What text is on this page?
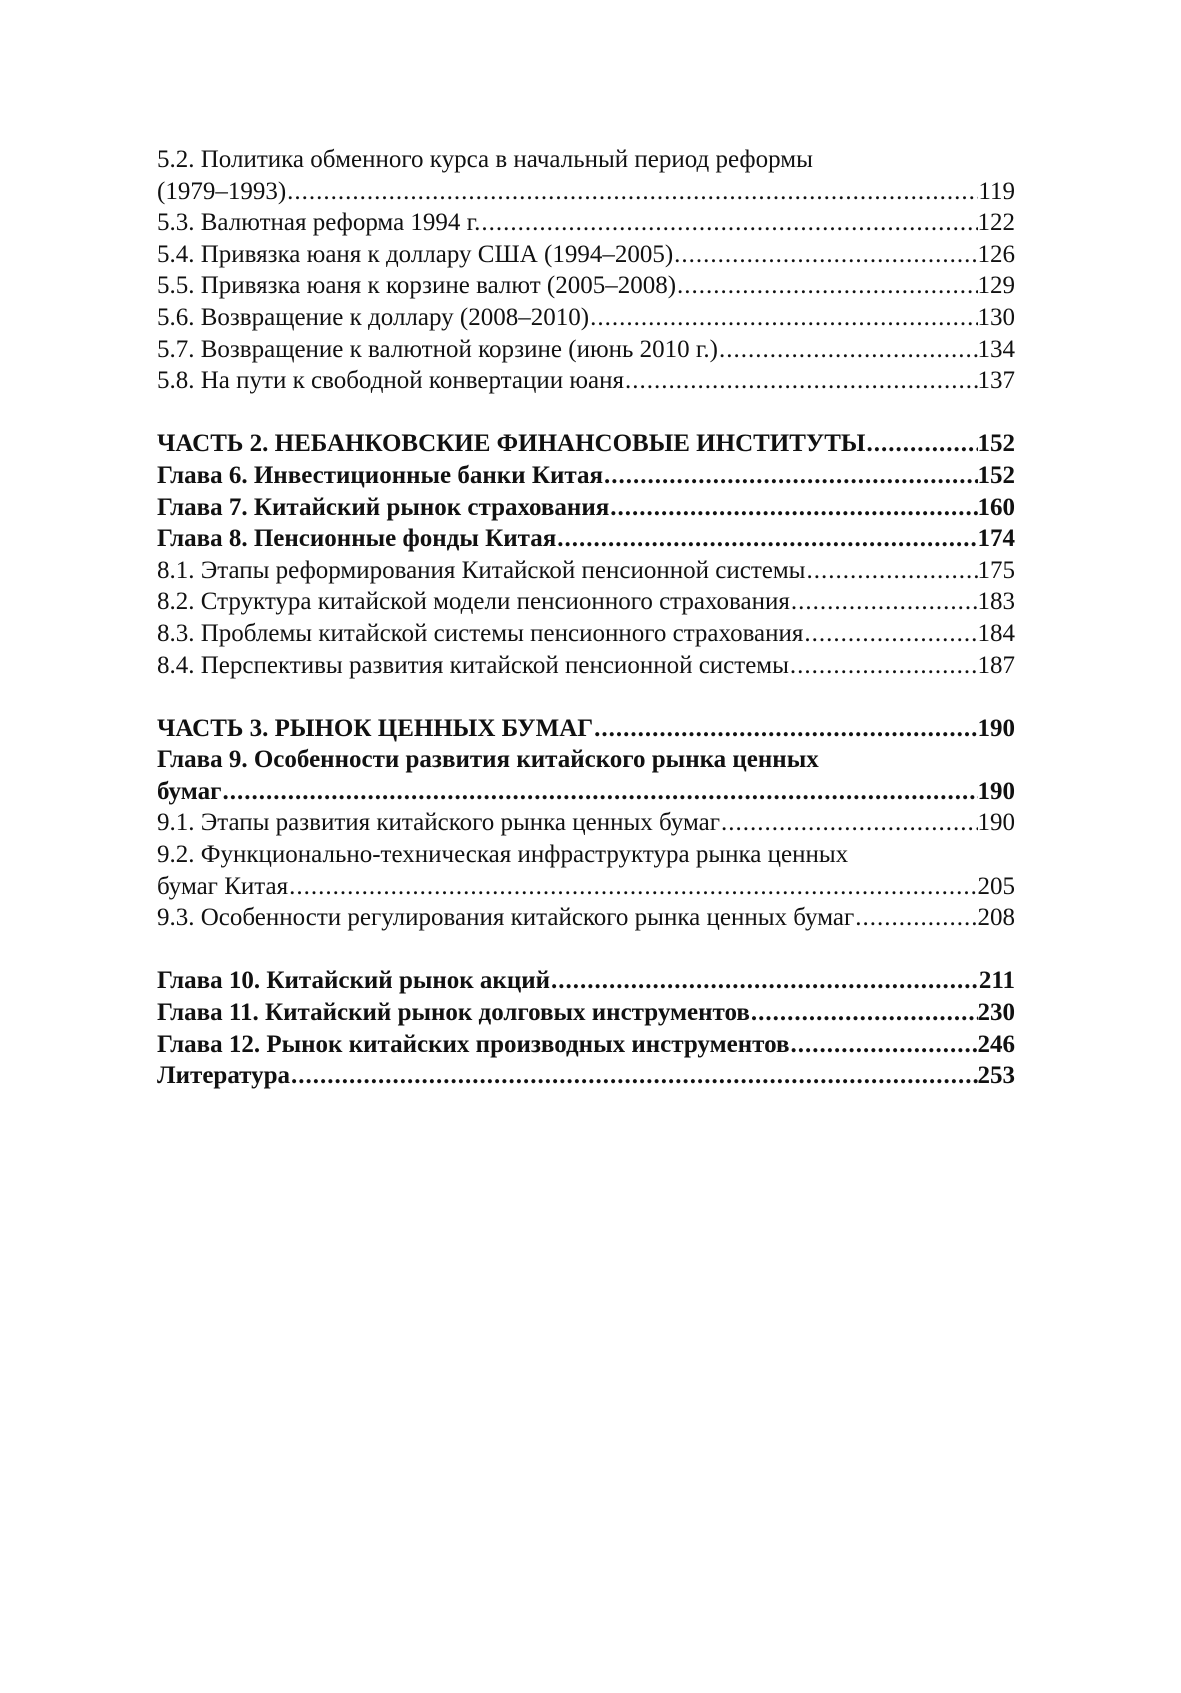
5.2. Политика обменного курса в начальный период реформы
(1979–1993) .....	119
5.3. Валютная реформа 1994 г. .....	122
5.4. Привязка юаня к доллару США (1994–2005) .....	126
5.5. Привязка юаня к корзине валют (2005–2008) .....	129
5.6. Возвращение к доллару (2008–2010) .....	130
5.7. Возвращение к валютной корзине (июнь 2010 г.) .....	134
5.8. На пути к свободной конвертации юаня .....	137
ЧАСТЬ 2. НЕБАНКОВСКИЕ ФИНАНСОВЫЕ ИНСТИТУТЫ .....	152
Глава 6. Инвестиционные банки Китая .....	152
Глава 7. Китайский рынок страхования .....	160
Глава 8. Пенсионные фонды Китая .....	174
8.1. Этапы реформирования Китайской пенсионной системы .....	175
8.2. Структура китайской модели пенсионного страхования .....	183
8.3. Проблемы китайской системы пенсионного страхования .....	184
8.4. Перспективы развития китайской пенсионной системы .....	187
ЧАСТЬ 3. РЫНОК ЦЕННЫХ БУМАГ .....	190
Глава 9. Особенности развития китайского рынка ценных
бумаг .....	190
9.1. Этапы развития китайского рынка ценных бумаг .....	190
9.2. Функционально-техническая инфраструктура рынка ценных
бумаг Китая .....	205
9.3. Особенности регулирования китайского рынка ценных бумаг .....	208
Глава 10. Китайский рынок акций .....	211
Глава 11. Китайский рынок долговых инструментов .....	230
Глава 12. Рынок китайских производных инструментов .....	246
Литература .....	253
